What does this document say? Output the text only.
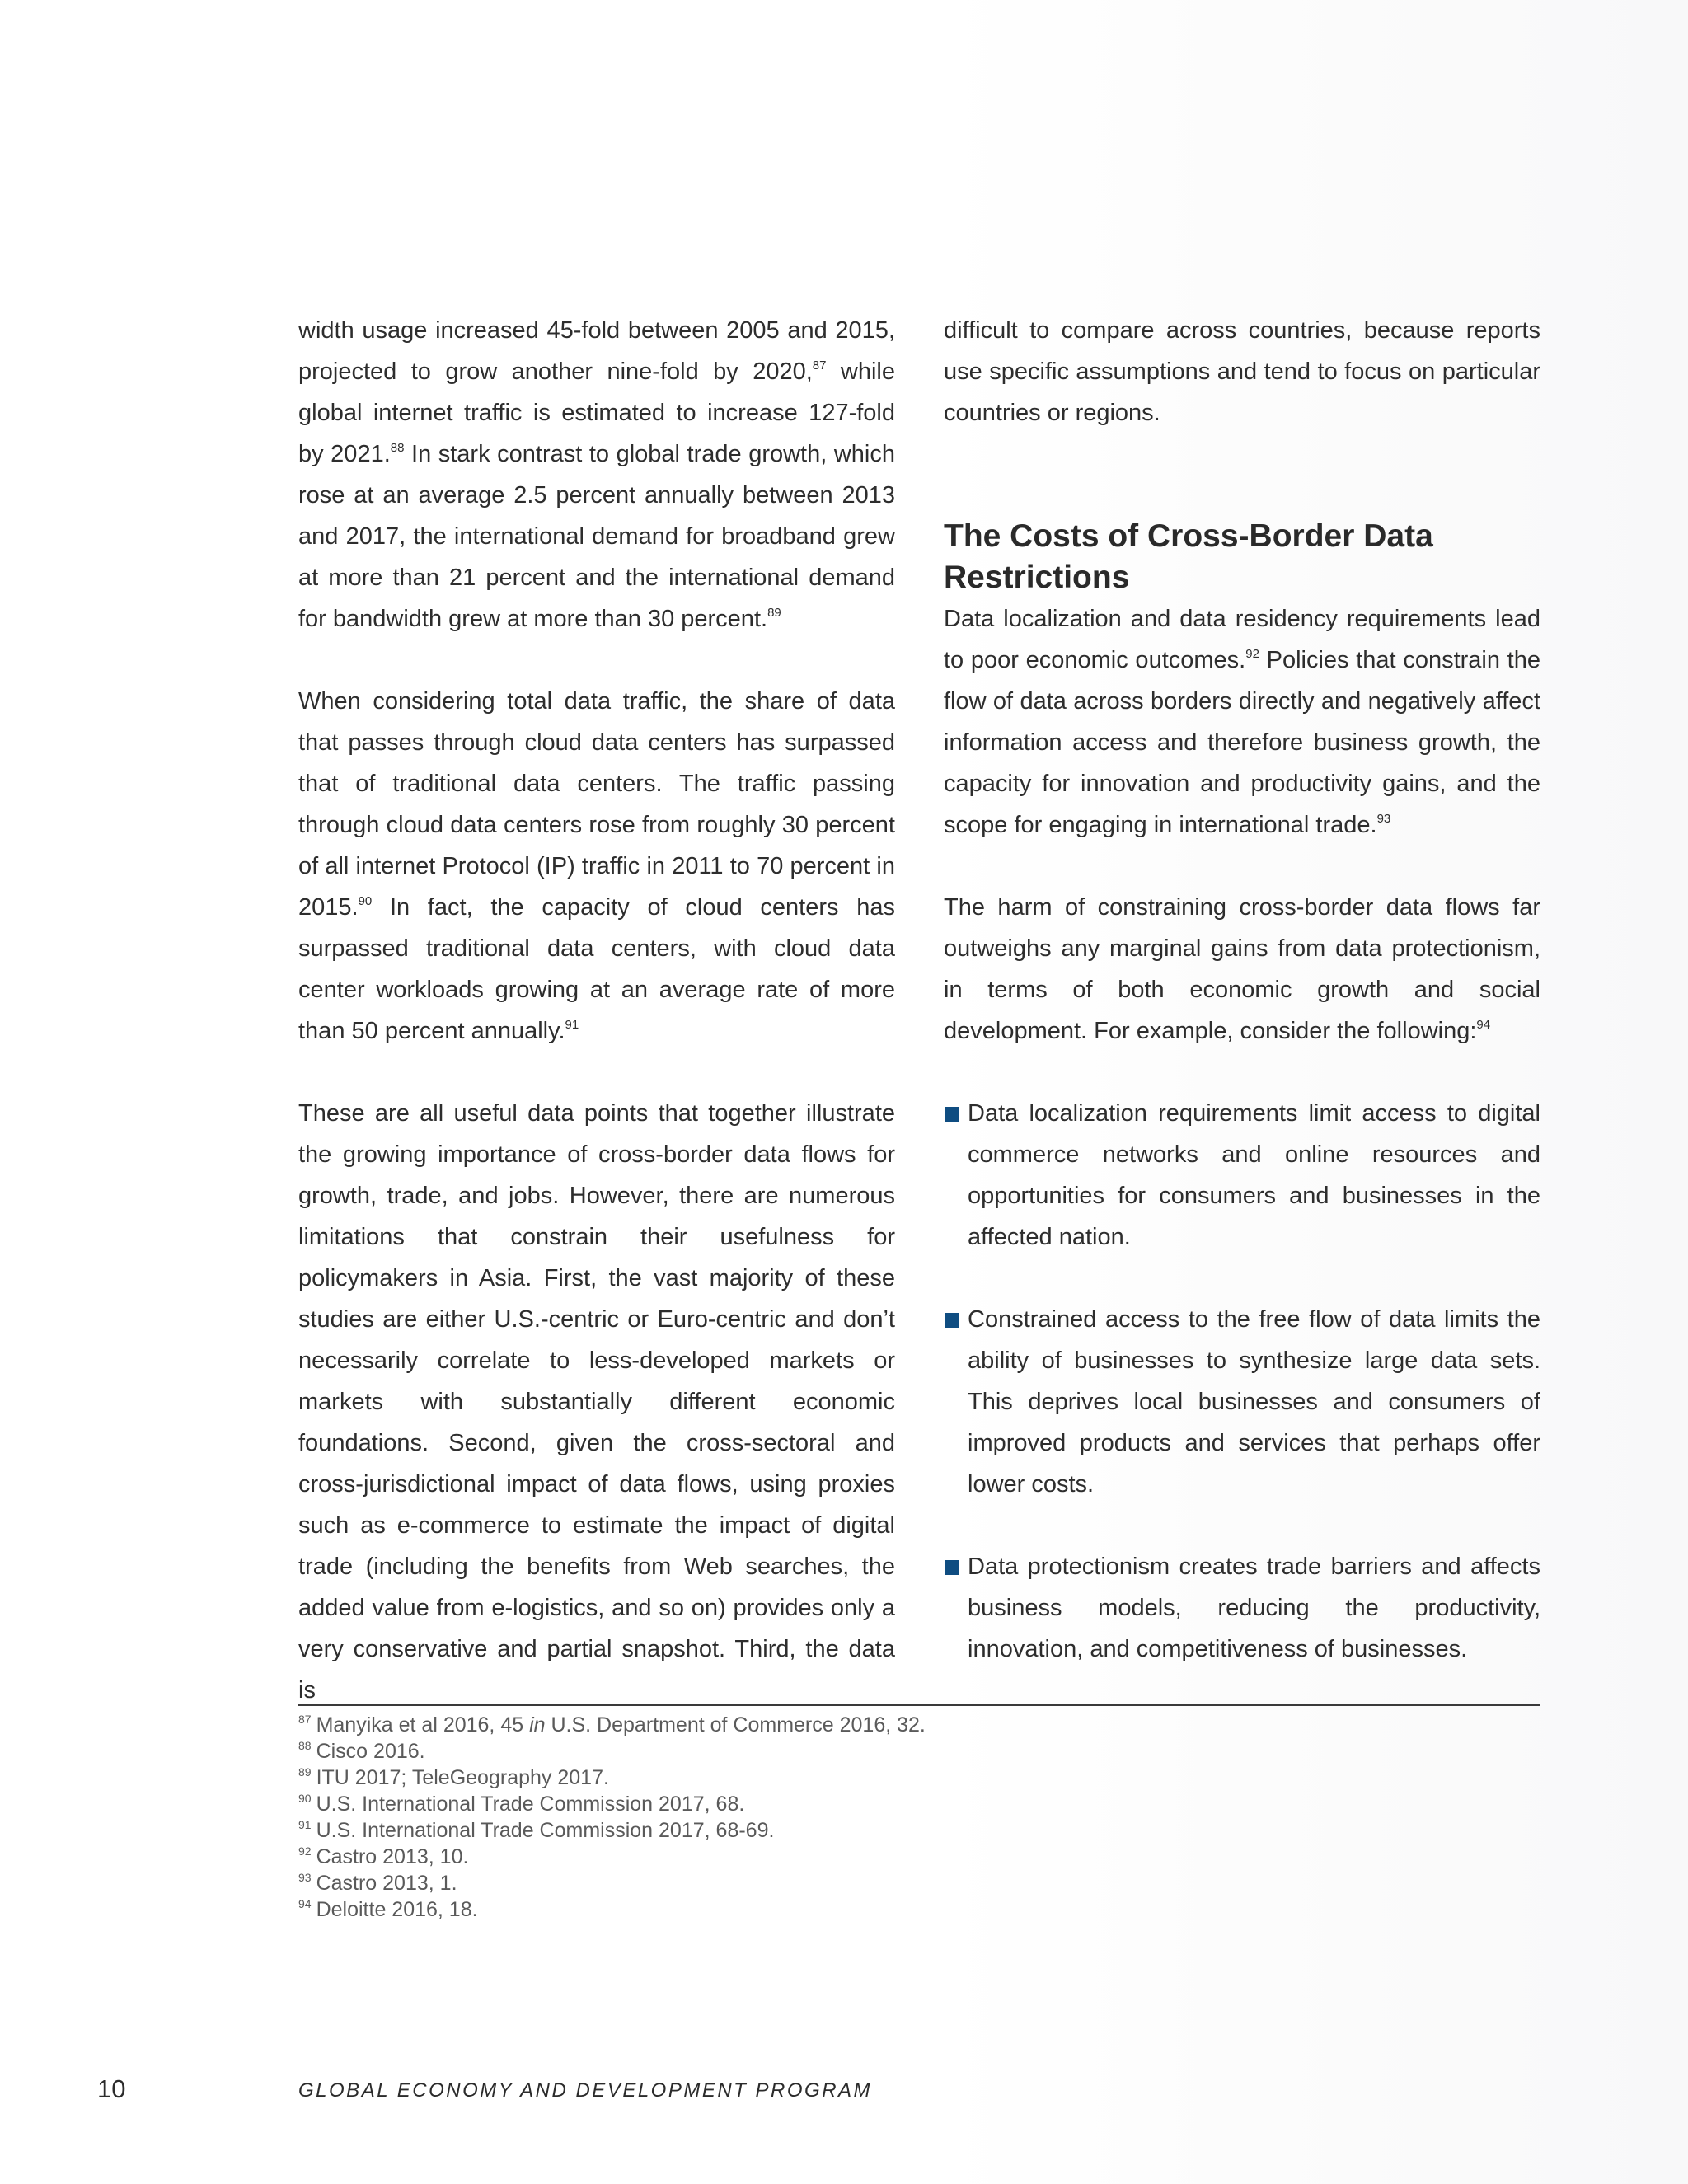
width usage increased 45-fold between 2005 and 2015, projected to grow another nine-fold by 2020,87 while global internet traffic is estimated to increase 127-fold by 2021.88 In stark contrast to global trade growth, which rose at an average 2.5 percent annually between 2013 and 2017, the international demand for broadband grew at more than 21 percent and the international demand for bandwidth grew at more than 30 percent.$^{89}$

When considering total data traffic, the share of data that passes through cloud data centers has surpassed that of traditional data centers. The traffic passing through cloud data centers rose from roughly 30 percent of all internet Protocol (IP) traffic in 2011 to 70 percent in 2015.90 In fact, the capacity of cloud centers has surpassed traditional data centers, with cloud data center workloads growing at an average rate of more than 50 percent annually.$^{91}$

These are all useful data points that together illustrate the growing importance of cross-border data flows for growth, trade, and jobs. However, there are numerous limitations that constrain their usefulness for policymakers in Asia. First, the vast majority of these studies are either U.S.-centric or Euro-centric and don’t necessarily correlate to less-developed markets or markets with substantially different economic foundations. Second, given the cross-sectoral and cross-jurisdictional impact of data flows, using proxies such as e-commerce to estimate the impact of digital trade (including the benefits from Web searches, the added value from e-logistics, and so on) provides only a very conservative and partial snapshot. Third, the data is

difficult to compare across countries, because reports use specific assumptions and tend to focus on particular countries or regions.

The Costs of Cross-Border Data Restrictions

Data localization and data residency requirements lead to poor economic outcomes.$^{92}$ Policies that constrain the flow of data across borders directly and negatively affect information access and therefore business growth, the capacity for innovation and productivity gains, and the scope for engaging in international trade.$^{93}$

The harm of constraining cross-border data flows far outweighs any marginal gains from data protectionism, in terms of both economic growth and social development. For example, consider the following:$^{94}$

Data localization requirements limit access to digital commerce networks and online resources and opportunities for consumers and businesses in the affected nation.
Constrained access to the free flow of data limits the ability of businesses to synthesize large data sets. This deprives local businesses and consumers of improved products and services that perhaps offer lower costs.
Data protectionism creates trade barriers and affects business models, reducing the productivity, innovation, and competitiveness of businesses.
$^{87}$ Manyika et al 2016, 45 in U.S. Department of Commerce 2016, 32.
$^{88}$ Cisco 2016.
$^{89}$ ITU 2017; TeleGeography 2017.
$^{90}$ U.S. International Trade Commission 2017, 68.
$^{91}$ U.S. International Trade Commission 2017, 68-69.
$^{92}$ Castro 2013, 10.
$^{93}$ Castro 2013, 1.
$^{94}$ Deloitte 2016, 18.
10	GLOBAL ECONOMY AND DEVELOPMENT PROGRAM
